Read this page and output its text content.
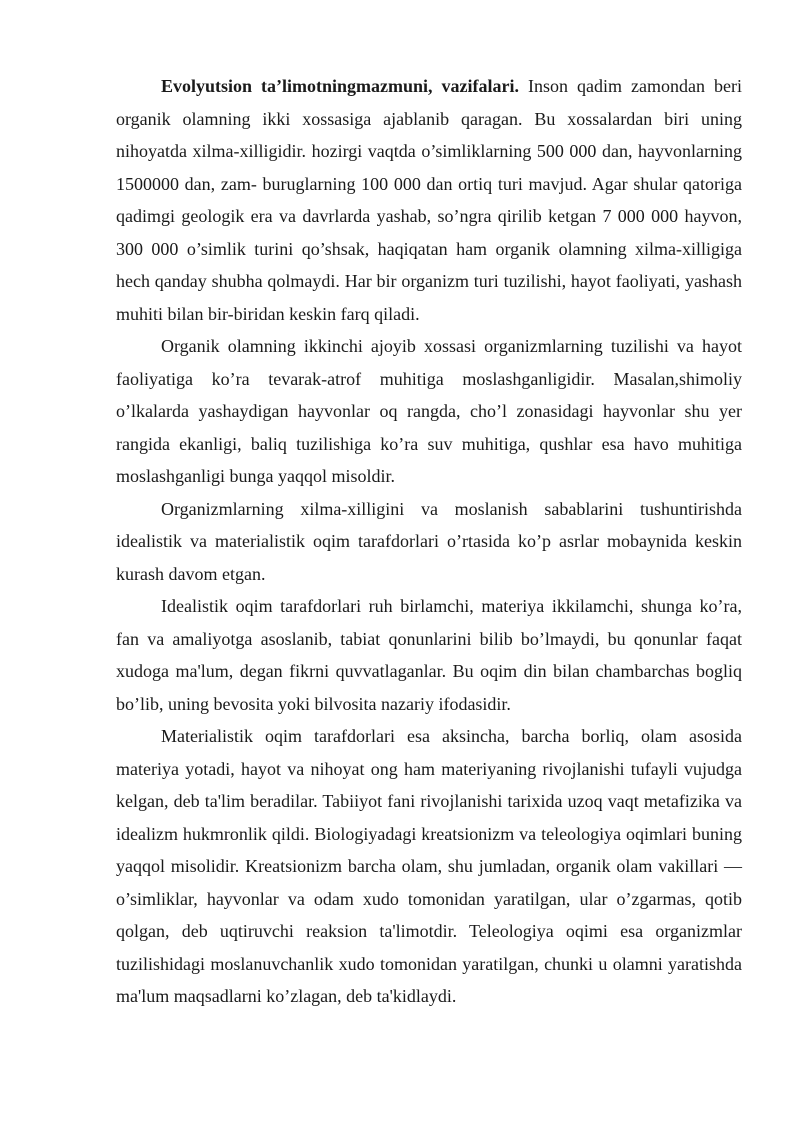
Evolyutsion ta’limotningmazmuni, vazifalari. Inson qadim zamondan beri organik olamning ikki xossasiga ajablanib qaragan. Bu xossalardan biri uning nihoyatda xilma-xilligidir. hozirgi vaqtda o’simliklarning 500 000 dan, hayvonlarning 1500000 dan, zam- buruglarning 100 000 dan ortiq turi mavjud. Agar shular qatoriga qadimgi geologik era va davrlarda yashab, so’ngra qirilib ketgan 7 000 000 hayvon, 300 000 o’simlik turini qo’shsak, haqiqatan ham organik olamning xilma-xilligiga hech qanday shubha qolmaydi. Har bir organizm turi tuzilishi, hayot faoliyati, yashash muhiti bilan bir-biridan keskin farq qiladi.

Organik olamning ikkinchi ajoyib xossasi organizmlarning tuzilishi va hayot faoliyatiga ko’ra tevarak-atrof muhitiga moslashganligidir. Masalan,shimoliy o’lkalarda yashaydigan hayvonlar oq rangda, cho’l zonasidagi hayvonlar shu yer rangida ekanligi, baliq tuzilishiga ko’ra suv muhitiga, qushlar esa havo muhitiga moslashganligi bunga yaqqol misoldir.

Organizmlarning xilma-xilligini va moslanish sabablarini tushuntirishda idealistik va materialistik oqim tarafdorlari o’rtasida ko’p asrlar mobaynida keskin kurash davom etgan.

Idealistik oqim tarafdorlari ruh birlamchi, materiya ikkilamchi, shunga ko’ra, fan va amaliyotga asoslanib, tabiat qonunlarini bilib bo’lmaydi, bu qonunlar faqat xudoga ma'lum, degan fikrni quvvatlaganlar. Bu oqim din bilan chambarchas bogliq bo’lib, uning bevosita yoki bilvosita nazariy ifodasidir.

Materialistik oqim tarafdorlari esa aksincha, barcha borliq, olam asosida materiya yotadi, hayot va nihoyat ong ham materiyaning rivojlanishi tufayli vujudga kelgan, deb ta'lim beradilar. Tabiiyot fani rivojlanishi tarixida uzoq vaqt metafizika va idealizm hukmronlik qildi. Biologiyadagi kreatsionizm va teleologiya oqimlari buning yaqqol misolidir. Kreatsionizm barcha olam, shu jumladan, organik olam vakillari — o’simliklar, hayvonlar va odam xudo tomonidan yaratilgan, ular o’zgarmas, qotib qolgan, deb uqtiruvchi reaksion ta'limotdir. Teleologiya oqimi esa organizmlar tuzilishidagi moslanuvchanlik xudo tomonidan yaratilgan, chunki u olamni yaratishda ma'lum maqsadlarni ko’zlagan, deb ta'kidlaydi.
